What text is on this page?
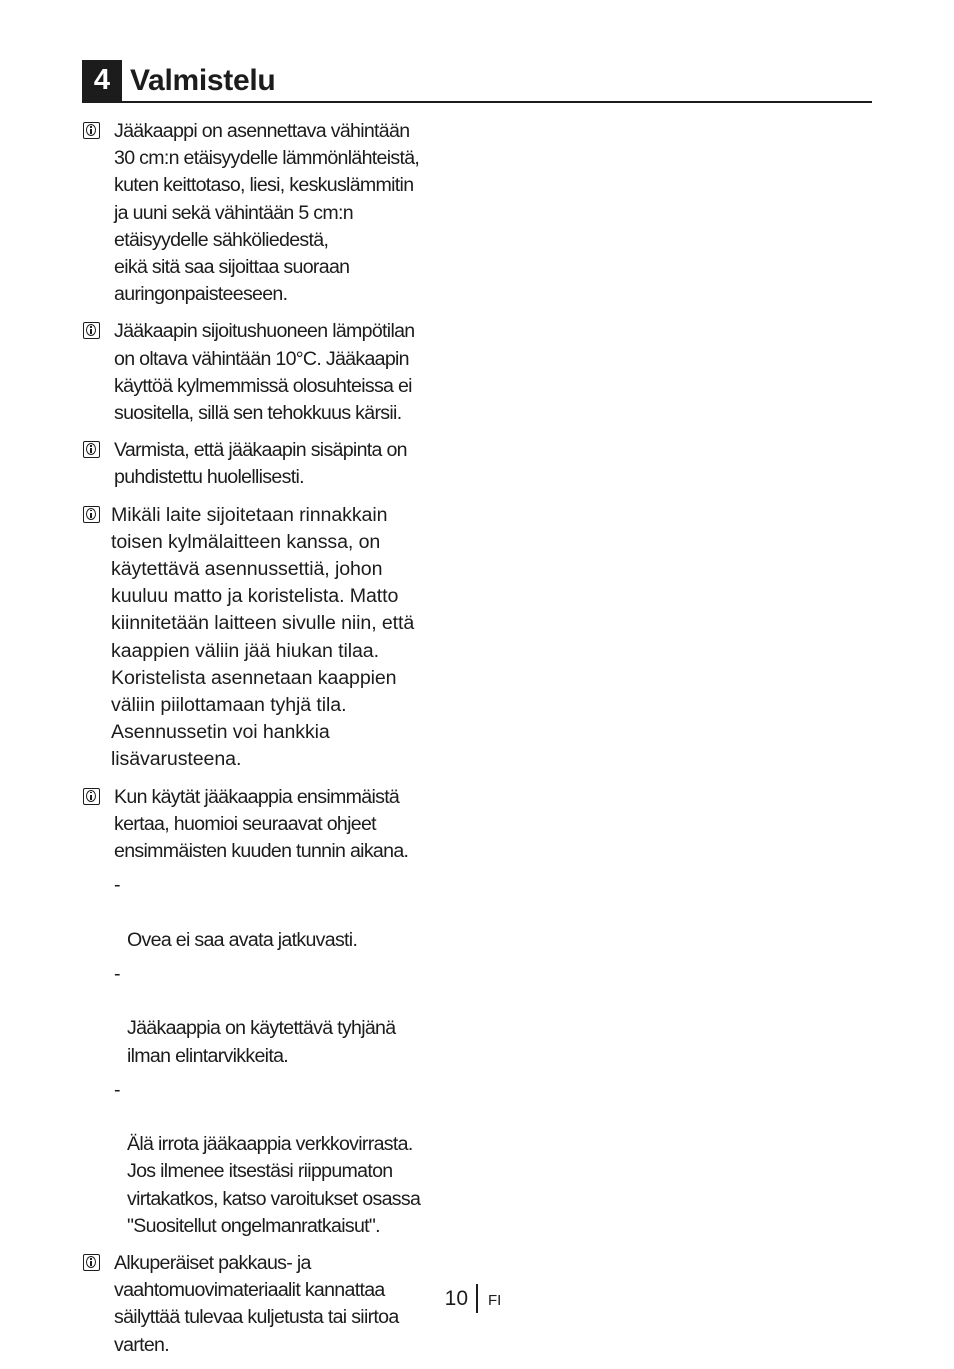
4 Valmistelu
Jääkaappi on asennettava vähintään
30 cm:n etäisyydelle lämmönlähteistä,
kuten keittotaso, liesi, keskuslämmitin
ja uuni sekä vähintään 5 cm:n
etäisyydelle sähköliedestä,
eikä sitä saa sijoittaa suoraan
auringonpaisteeseen.
Jääkaapin sijoitushuoneen lämpötilan
on oltava vähintään 10°C. Jääkaapin
käyttöä kylmemmissä olosuhteissa ei
suositella, sillä sen tehokkuus kärsii.
Varmista, että jääkaapin sisäpinta on
puhdistettu huolellisesti.
Mikäli laite sijoitetaan rinnakkain
toisen kylmälaitteen kanssa, on
käytettävä asennussettiä, johon
kuuluu matto ja koristelista. Matto
kiinnitetään laitteen sivulle niin, että
kaappien väliin jää hiukan tilaa.
Koristelista asennetaan kaappien
väliin piilottamaan tyhjä tila.
Asennussetin voi hankkia
lisävarusteena.
Kun käytät jääkaappia ensimmäistä
kertaa, huomioi seuraavat ohjeet
ensimmäisten kuuden tunnin aikana.

-

Ovea ei saa avata jatkuvasti.

-

Jääkaappia on käytettävä tyhjänä
ilman elintarvikkeita.

-

Älä irrota jääkaappia verkkovirrasta.
Jos ilmenee itsestäsi riippumaton
virtakatkos, katso varoitukset osassa
"Suositellut ongelmanratkaisut".

Alkuperäiset pakkaus- ja
vaahtomuovimateriaalit kannattaa
säilyttää tulevaa kuljetusta tai siirtoa
varten.
10 FI
